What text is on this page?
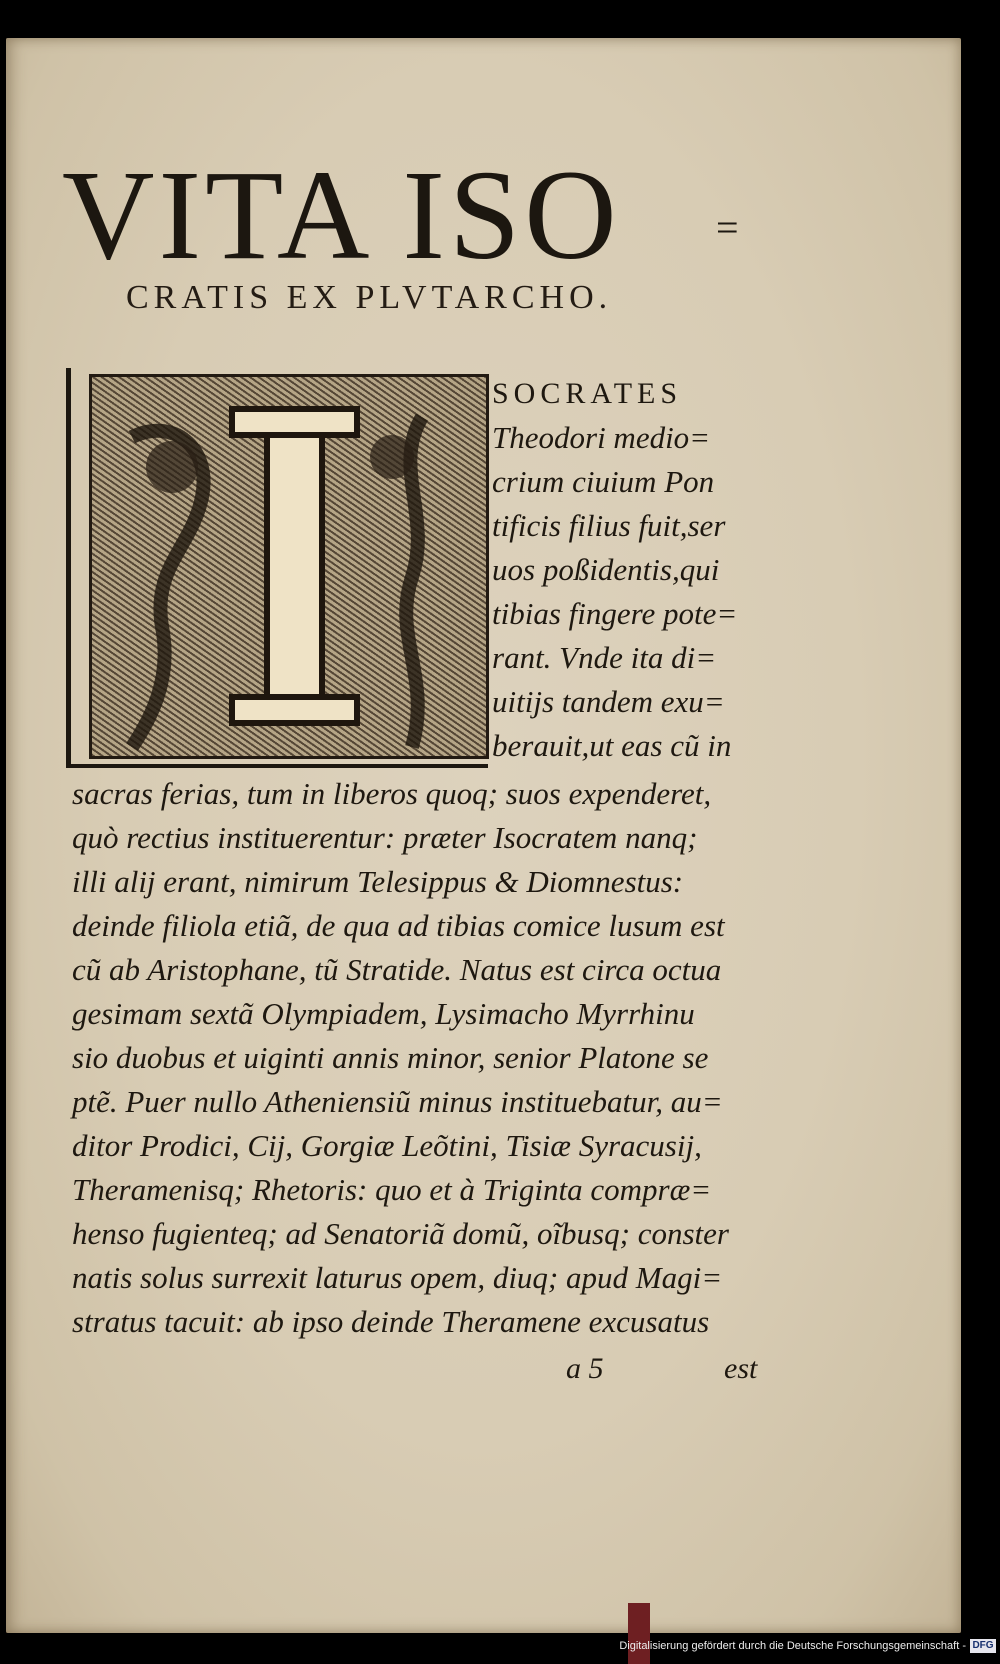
VITA ISO	=
CRATIS EX PLVTARCHO.
SOCRATES
Theodori medio=
crium ciuium Pon
tificis filius fuit,ser
uos poßidentis,qui
tibias fingere pote=
rant. Vnde ita di=
uitijs tandem exu=
berauit,ut eas cũ in
sacras ferias, tum in liberos quoq; suos expenderet,
quò rectius instituerentur: præter Isocratem nanq;
illi alij erant, nimirum Telesippus & Diomnestus:
deinde filiola etiã, de qua ad tibias comice lusum est
cũ ab Aristophane, tũ Stratide. Natus est circa octua
gesimam sextã Olympiadem, Lysimacho Myrrhinu
sio duobus et uiginti annis minor, senior Platone se
ptẽ. Puer nullo Atheniensiũ minus instituebatur, au=
ditor Prodici, Cij, Gorgiæ Leõtini, Tisiæ Syracusij,
Theramenisq; Rhetoris: quo et à Triginta compræ=
henso fugienteq; ad Senatoriã domũ, oĩbusq; conster
natis solus surrexit laturus opem, diuq; apud Magi=
stratus tacuit: ab ipso deinde Theramene excusatus
a 5	est
Digitalisierung gefördert durch die Deutsche Forschungsgemeinschaft - DFG
